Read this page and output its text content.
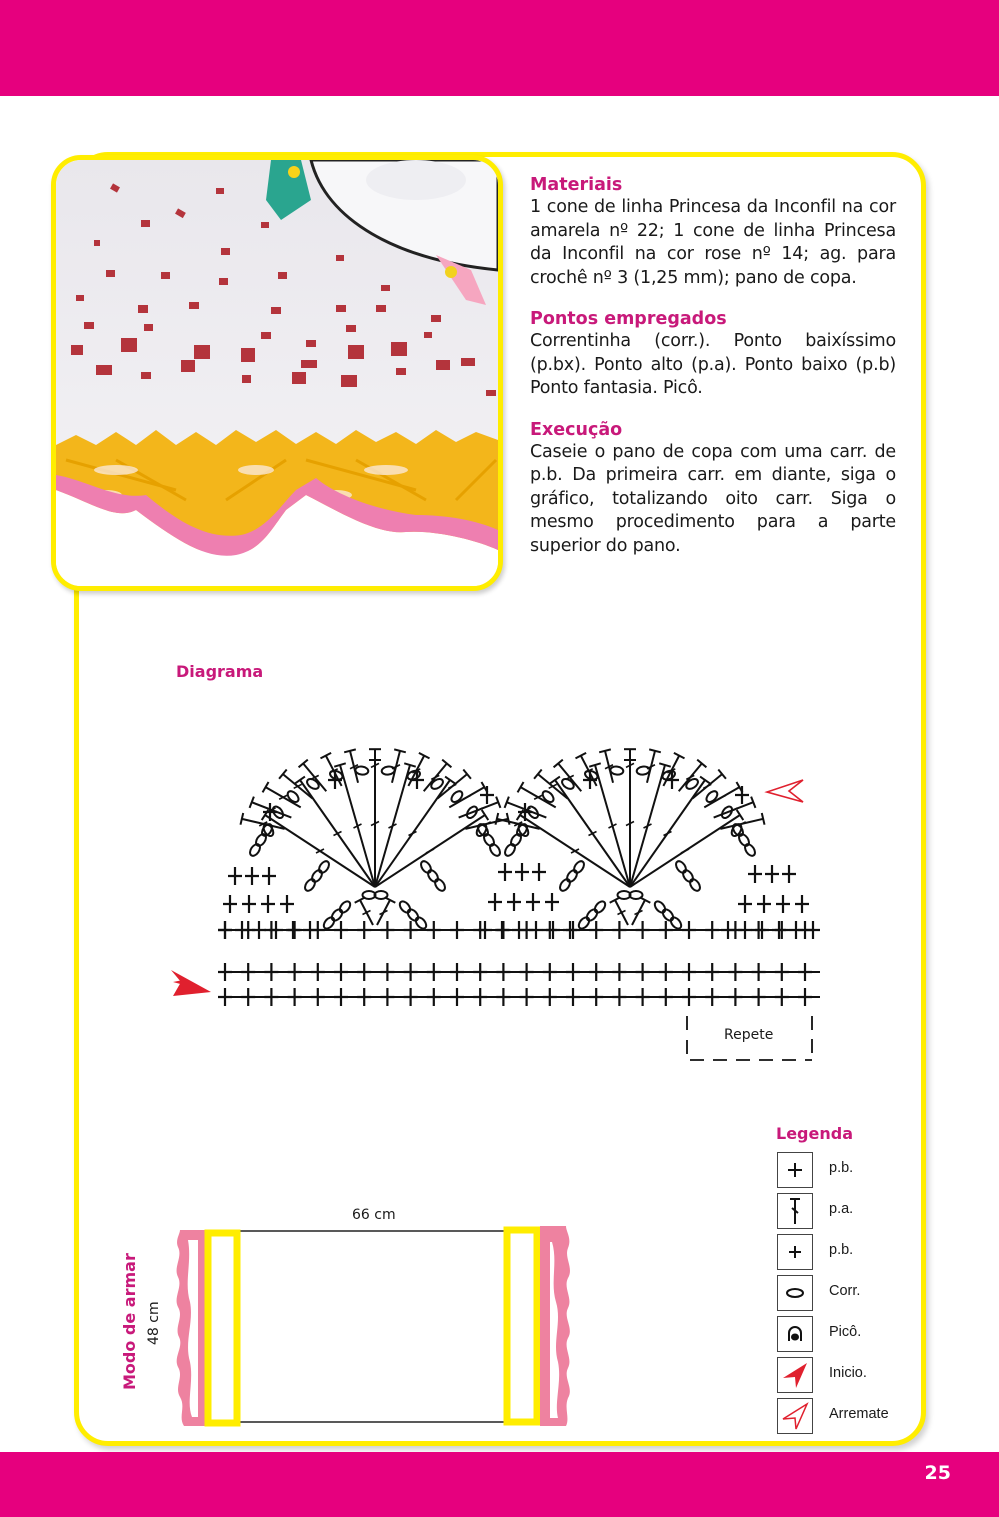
Materiais

1 cone de linha Princesa da Inconfil na cor amarela nº 22; 1 cone de linha Princesa da Inconfil na cor rose nº 14; ag. para crochê nº 3 (1,25 mm); pano de copa.

Pontos empregados

Correntinha (corr.). Ponto baixíssimo (p.bx). Ponto alto (p.a). Ponto baixo (p.b) Ponto fantasia. Picô.

Execução

Caseie o pano de copa com uma carr. de p.b. Da primeira carr. em diante, siga o gráfico, totalizando oito carr. Siga o mesmo procedimento para a parte superior do pano.

Diagrama
Repete
Legenda
p.b.
p.a.
p.b.
Corr.
Picô.
Inicio.
Arremate
Modo de armar 48 cm
66 cm
25
